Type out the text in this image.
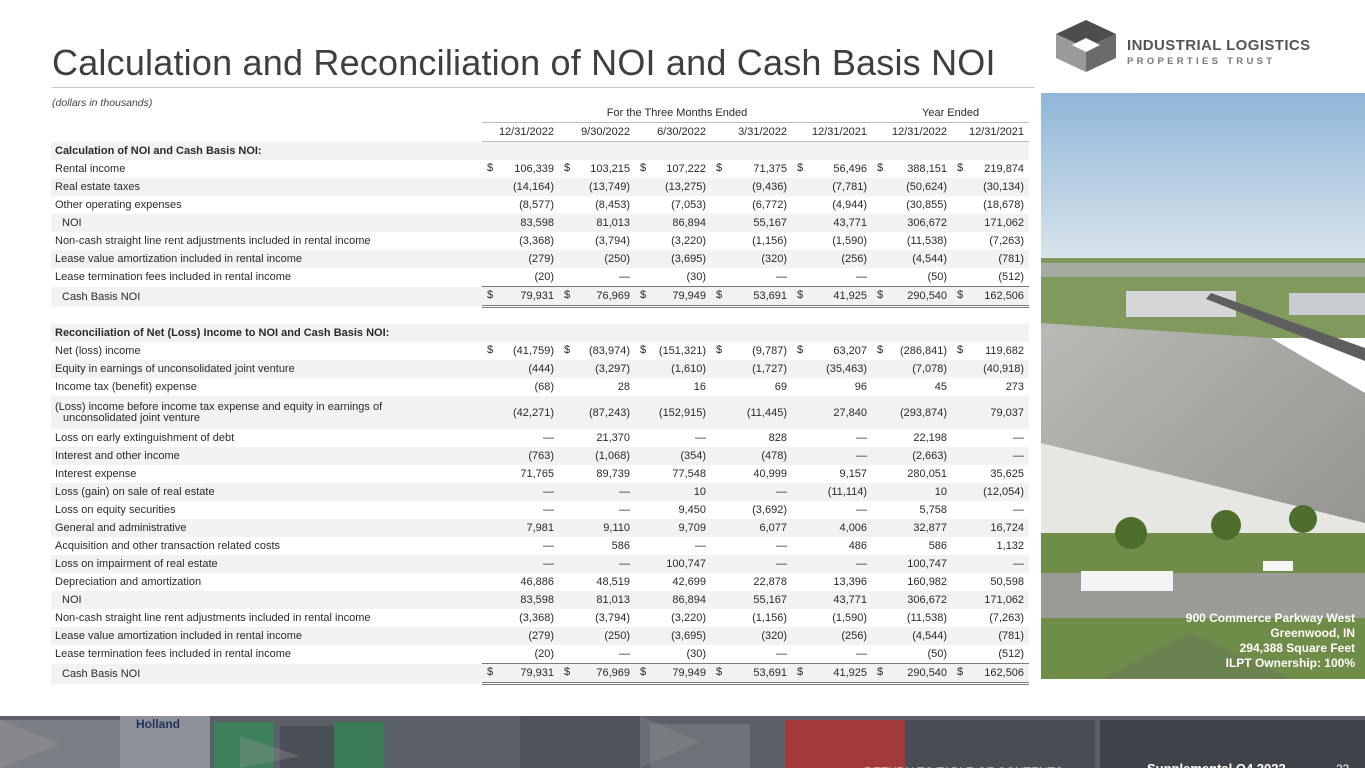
Calculation and Reconciliation of NOI and Cash Basis NOI	INDUSTRIAL LOGISTICS
PROPERTIES TRUST
(dollars in thousands)
	For the Three Months Ended					Year Ended	
	12/31/2022	9/30/2022	6/30/2022	3/31/2022	12/31/2021	12/31/2022	12/31/2021
Calculation of NOI and Cash Basis NOI:							
Rental income	$ 106,339	$ 103,215	$ 107,222	$ 71,375	$ 56,496	$ 388,151	$ 219,874
Real estate taxes	(14,164)	(13,749)	(13,275)	(9,436)	(7,781)	(50,624)	(30,134)
Other operating expenses	(8,577)	(8,453)	(7,053)	(6,772)	(4,944)	(30,855)	(18,678)
NOI	83,598	81,013	86,894	55,167	43,771	306,672	171,062
Non-cash straight line rent adjustments included in rental income	(3,368)	(3,794)	(3,220)	(1,156)	(1,590)	(11,538)	(7,263)
Lease value amortization included in rental income	(279)	(250)	(3,695)	(320)	(256)	(4,544)	(781)
Lease termination fees included in rental income	(20)	—	(30)	—	—	(50)	(512)
Cash Basis NOI	$ 79,931	$ 76,969	$ 79,949	$ 53,691	$ 41,925	$ 290,540	$ 162,506

Reconciliation of Net (Loss) Income to NOI and Cash Basis NOI:							
Net (loss) income	$ (41,759)	$ (83,974)	$ (151,321)	$ (9,787)	$ 63,207	$ (286,841)	$ 119,682
Equity in earnings of unconsolidated joint venture	(444)	(3,297)	(1,610)	(1,727)	(35,463)	(7,078)	(40,918)
Income tax (benefit) expense	(68)	28	16	69	96	45	273
(Loss) income before income tax expense and equity in earnings of

unconsolidated joint venture	(42,271)	(87,243)	(152,915)	(11,445)	27,840	(293,874)	79,037
Loss on early extinguishment of debt	—	21,370	—	828	—	22,198	—
Interest and other income	(763)	(1,068)	(354)	(478)	—	(2,663)	—
Interest expense	71,765	89,739	77,548	40,999	9,157	280,051	35,625
Loss (gain) on sale of real estate	—	—	10	—	(11,114)	10	(12,054)
Loss on equity securities	—	—	9,450	(3,692)	—	5,758	—
General and administrative	7,981	9,110	9,709	6,077	4,006	32,877	16,724
Acquisition and other transaction related costs	—	586	—	—	486	586	1,132
Loss on impairment of real estate	—	—	100,747	—	—	100,747	—
Depreciation and amortization	46,886	48,519	42,699	22,878	13,396	160,982	50,598
NOI	83,598	81,013	86,894	55,167	43,771	306,672	171,062
Non-cash straight line rent adjustments included in rental income	(3,368)	(3,794)	(3,220)	(1,156)	(1,590)	(11,538)	(7,263)
Lease value amortization included in rental income	(279)	(250)	(3,695)	(320)	(256)	(4,544)	(781)
Lease termination fees included in rental income	(20)	—	(30)	—	—	(50)	(512)
Cash Basis NOI	$ 79,931	$ 76,969	$ 79,949	$ 53,691	$ 41,925	$ 290,540	$ 162,506
900 Commerce Parkway West
Greenwood, IN
294,388 Square Feet
ILPT Ownership: 100%
Holland
RETURN TO TABLE OF CONTENTS	Supplemental Q4 2022	23
